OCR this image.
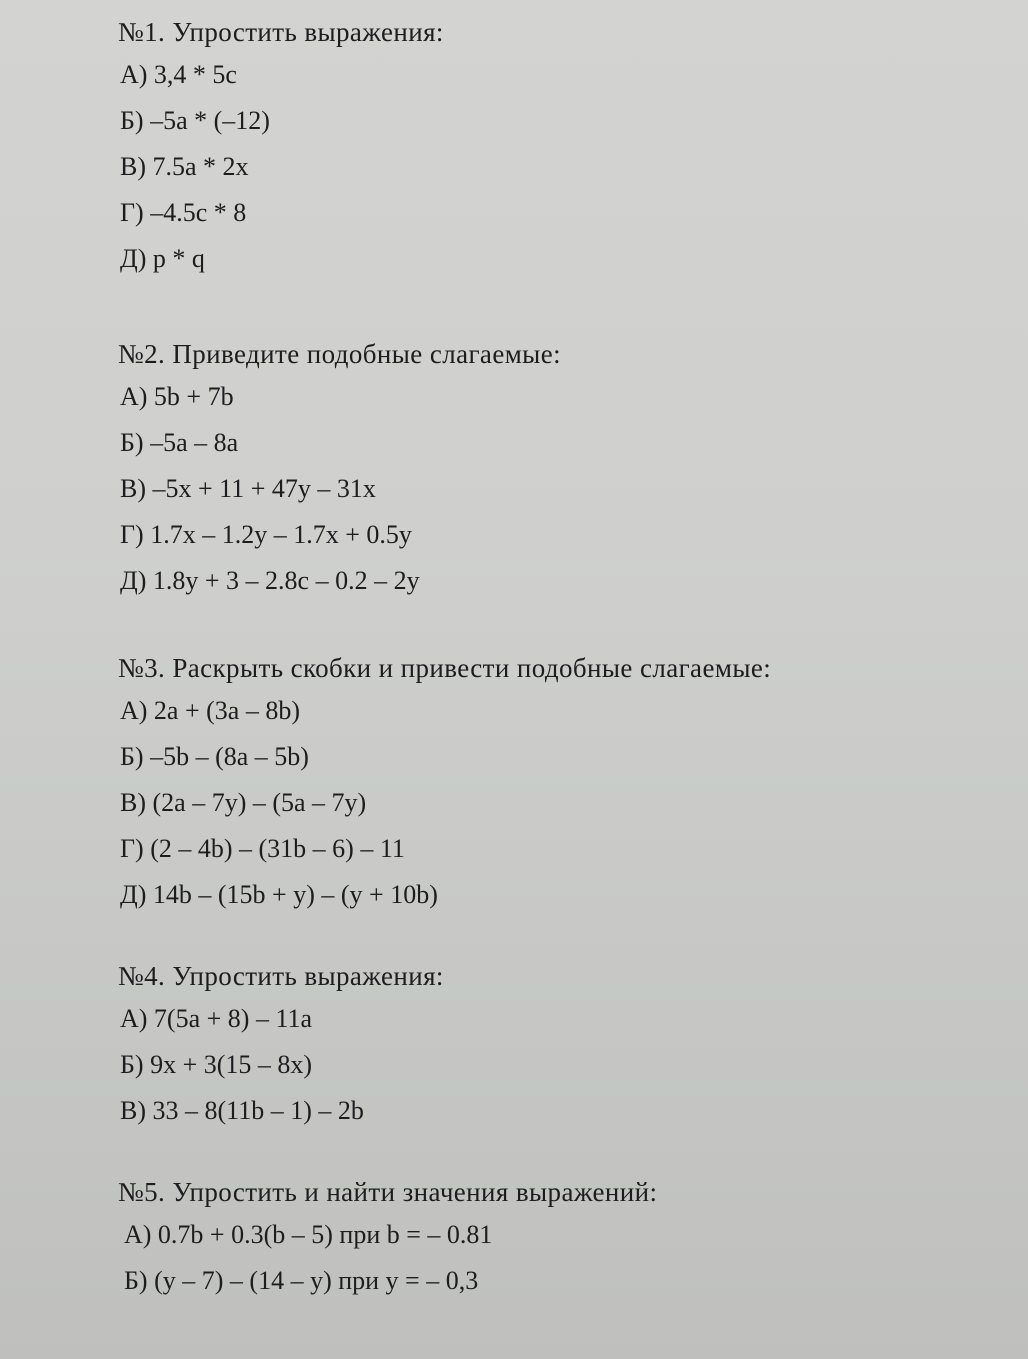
№1. Упростить выражения:
А) 3,4 * 5с
Б) –5а * (–12)
В) 7.5а * 2х
Г) –4.5с * 8
Д) p * q
№2. Приведите подобные слагаемые:
А) 5b + 7b
Б) –5a – 8a
В) –5x + 11 + 47y – 31x
Г) 1.7x – 1.2y – 1.7x + 0.5y
Д) 1.8y + 3 – 2.8c – 0.2 – 2y
№3. Раскрыть скобки и привести подобные слагаемые:
А) 2a + (3a – 8b)
Б) –5b – (8a – 5b)
В) (2a – 7y) – (5a – 7y)
Г) (2 – 4b) – (31b – 6) – 11
Д) 14b – (15b + y) – (y + 10b)
№4. Упростить выражения:
А) 7(5a + 8) – 11a
Б) 9x + 3(15 – 8x)
В) 33 – 8(11b – 1) – 2b
№5. Упростить и найти значения выражений:
А) 0.7b + 0.3(b – 5) при b = – 0.81
Б) (y – 7) – (14 – y) при y = – 0,3
